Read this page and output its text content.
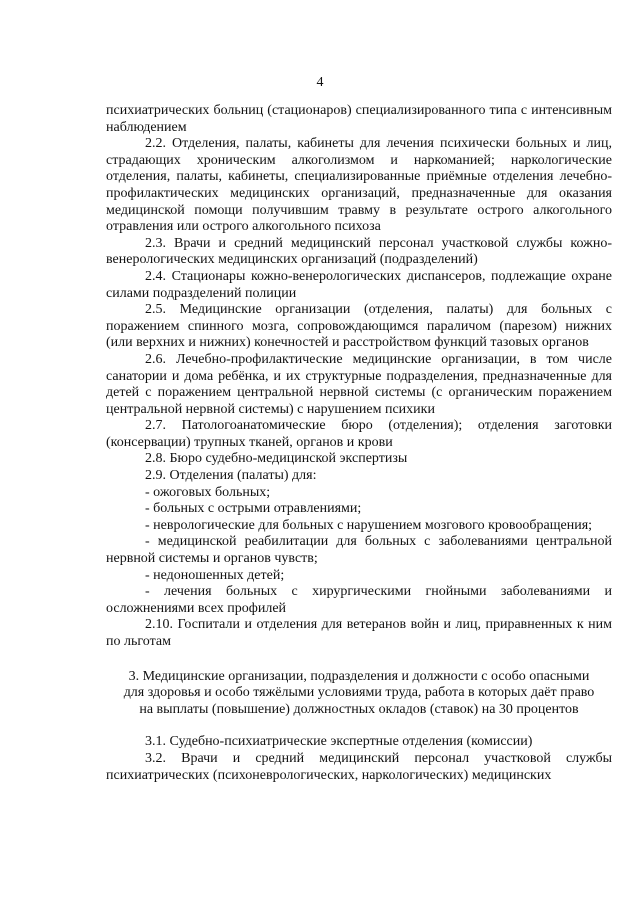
4

психиатрических больниц (стационаров) специализированного типа с интенсивным наблюдением

2.2. Отделения, палаты, кабинеты для лечения психически больных и лиц, страдающих хроническим алкоголизмом и наркоманией; наркологические отделения, палаты, кабинеты, специализированные приёмные отделения лечебно-профилактических медицинских организаций, предназначенные для оказания медицинской помощи получившим травму в результате острого алкогольного отравления или острого алкогольного психоза

2.3. Врачи и средний медицинский персонал участковой службы кожно-венерологических медицинских организаций (подразделений)

2.4. Стационары кожно-венерологических диспансеров, подлежащие охране силами подразделений полиции

2.5. Медицинские организации (отделения, палаты) для больных с поражением спинного мозга, сопровождающимся параличом (парезом) нижних (или верхних и нижних) конечностей и расстройством функций тазовых органов

2.6. Лечебно-профилактические медицинские организации, в том числе санатории и дома ребёнка, и их структурные подразделения, предназначенные для детей с поражением центральной нервной системы (с органическим поражением центральной нервной системы) с нарушением психики

2.7. Патологоанатомические бюро (отделения); отделения заготовки (консервации) трупных тканей, органов и крови

2.8. Бюро судебно-медицинской экспертизы

2.9. Отделения (палаты) для:

- ожоговых больных;

- больных с острыми отравлениями;

- неврологические для больных с нарушением мозгового кровообращения;

- медицинской реабилитации для больных с заболеваниями центральной нервной системы и органов чувств;

- недоношенных детей;

- лечения больных с хирургическими гнойными заболеваниями и осложнениями всех профилей

2.10. Госпитали и отделения для ветеранов войн и лиц, приравненных к ним по льготам

3. Медицинские организации, подразделения и должности с особо опасными

для здоровья и особо тяжёлыми условиями труда, работа в которых даёт право

на выплаты (повышение) должностных окладов (ставок) на 30 процентов

3.1. Судебно-психиатрические экспертные отделения (комиссии)

3.2. Врачи и средний медицинский персонал участковой службы психиатрических (психоневрологических, наркологических) медицинских
